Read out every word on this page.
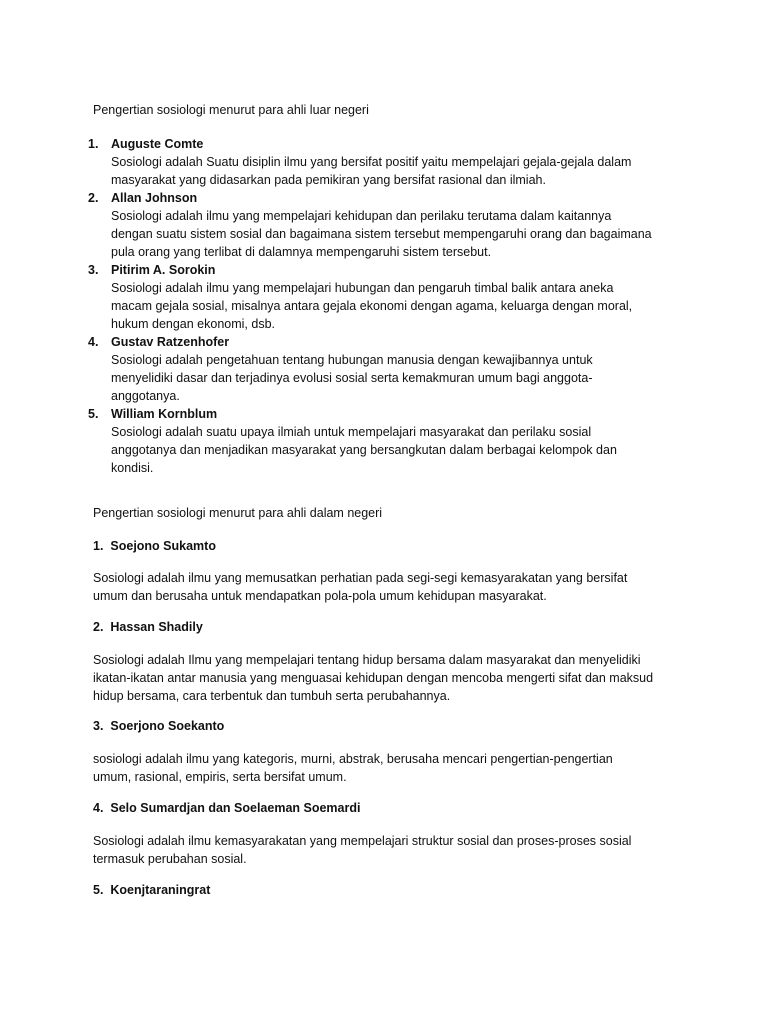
Pengertian sosiologi menurut para ahli luar negeri
1. Auguste Comte
Sosiologi adalah Suatu disiplin ilmu yang bersifat positif yaitu mempelajari gejala-gejala dalam
masyarakat yang didasarkan pada pemikiran yang bersifat rasional dan ilmiah.
2. Allan Johnson
Sosiologi adalah ilmu yang mempelajari kehidupan dan perilaku terutama dalam kaitannya
dengan suatu sistem sosial dan bagaimana sistem tersebut mempengaruhi orang dan bagaimana
pula orang yang terlibat di dalamnya mempengaruhi sistem tersebut.
3. Pitirim A. Sorokin
Sosiologi adalah ilmu yang mempelajari hubungan dan pengaruh timbal balik antara aneka
macam gejala sosial, misalnya antara gejala ekonomi dengan agama, keluarga dengan moral,
hukum dengan ekonomi, dsb.
4. Gustav Ratzenhofer
Sosiologi adalah pengetahuan tentang hubungan manusia dengan kewajibannya untuk
menyelidiki dasar dan terjadinya evolusi sosial serta kemakmuran umum bagi anggota-
anggotanya.
5. William Kornblum
Sosiologi adalah suatu upaya ilmiah untuk mempelajari masyarakat dan perilaku sosial
anggotanya dan menjadikan masyarakat yang bersangkutan dalam berbagai kelompok dan
kondisi.
Pengertian sosiologi menurut para ahli dalam negeri
1. Soejono Sukamto
Sosiologi adalah ilmu yang memusatkan perhatian pada segi-segi kemasyarakatan yang bersifat
umum dan berusaha untuk mendapatkan pola-pola umum kehidupan masyarakat.
2. Hassan Shadily
Sosiologi adalah Ilmu yang mempelajari tentang hidup bersama dalam masyarakat dan menyelidiki
ikatan-ikatan antar manusia yang menguasai kehidupan dengan mencoba mengerti sifat dan maksud
hidup bersama, cara terbentuk dan tumbuh serta perubahannya.
3. Soerjono Soekanto
sosiologi adalah ilmu yang kategoris, murni, abstrak, berusaha mencari pengertian-pengertian
umum, rasional, empiris, serta bersifat umum.
4. Selo Sumardjan dan Soelaeman Soemardi
Sosiologi adalah ilmu kemasyarakatan yang mempelajari struktur sosial dan proses-proses sosial
termasuk perubahan sosial.
5. Koenjtaraningrat
